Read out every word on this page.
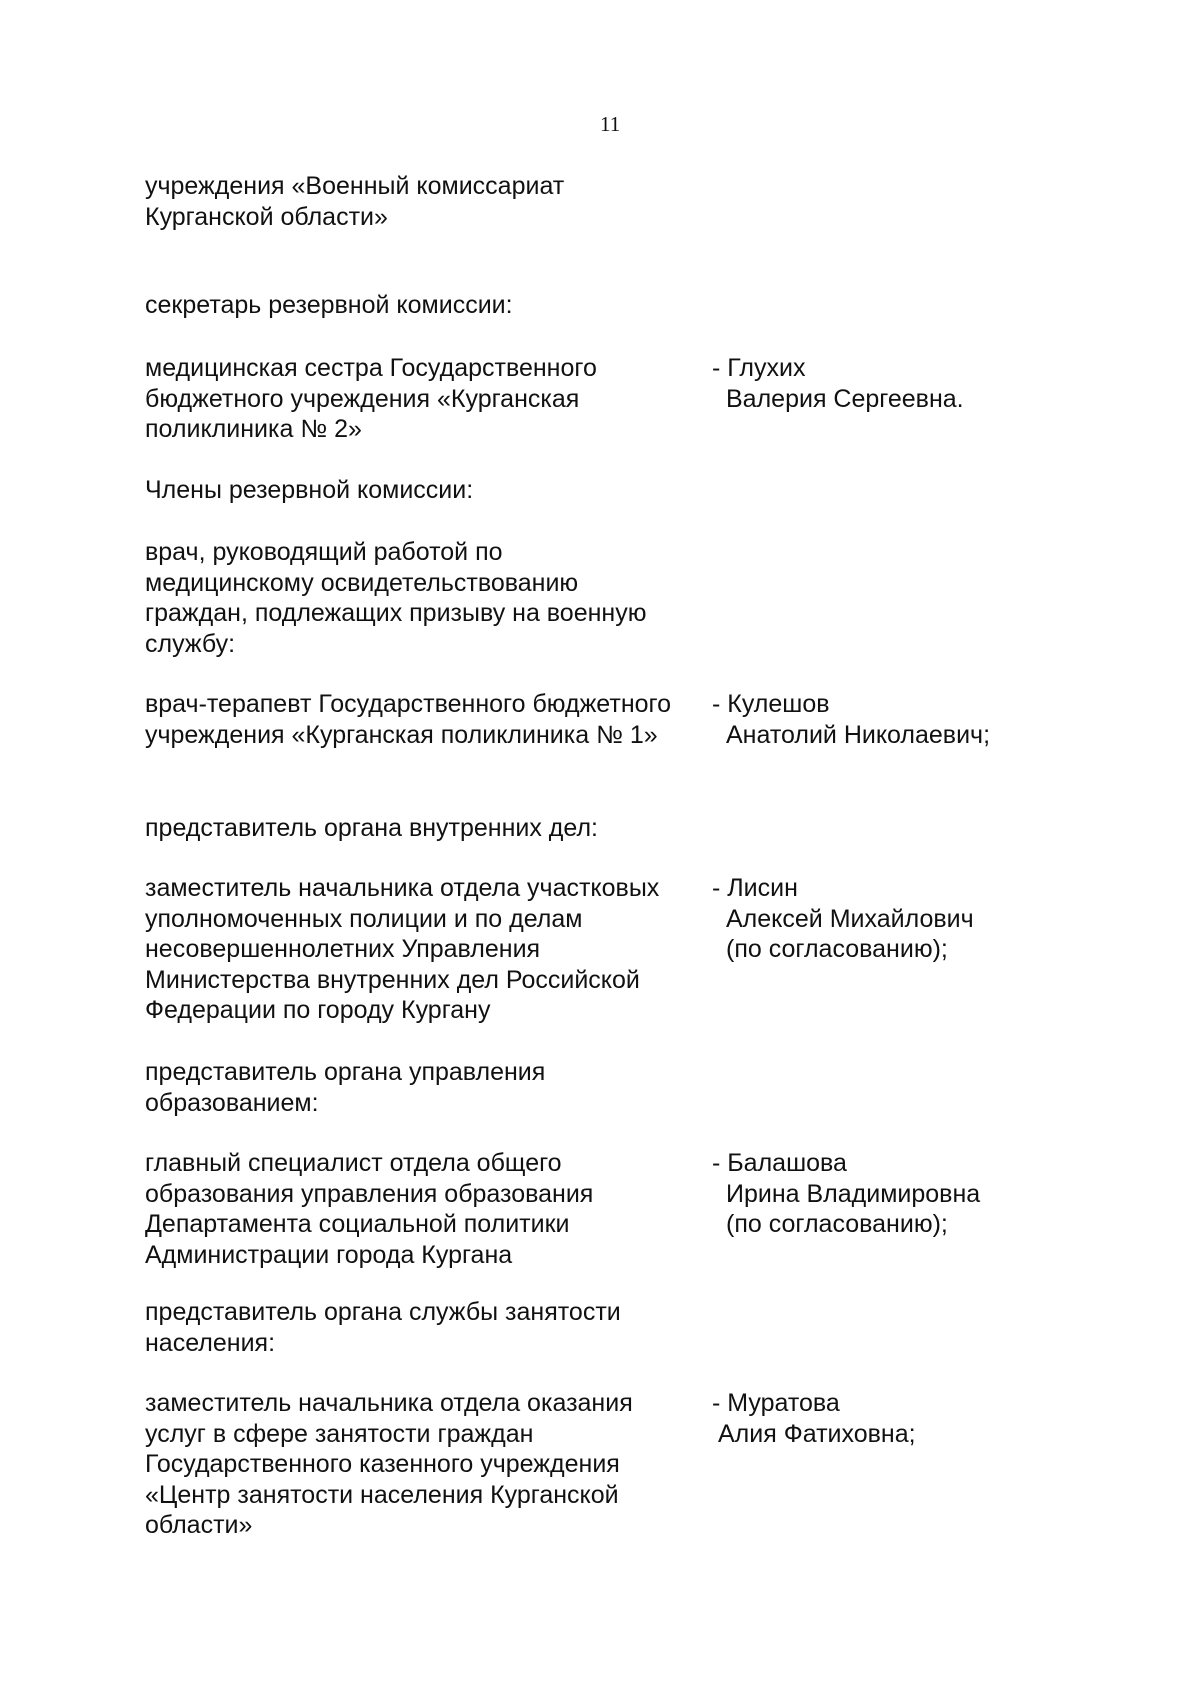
11
учреждения «Военный комиссариат
Курганской области»
секретарь резервной комиссии:
медицинская сестра Государственного
бюджетного учреждения «Курганская
поликлиника № 2»
- Глухих
Валерия Сергеевна.
Члены резервной комиссии:
врач, руководящий работой по
медицинскому освидетельствованию
граждан, подлежащих призыву на военную
службу:
врач-терапевт Государственного бюджетного
учреждения «Курганская поликлиника № 1»
- Кулешов
Анатолий Николаевич;
представитель органа внутренних дел:
заместитель начальника отдела участковых
уполномоченных полиции и по делам
несовершеннолетних Управления
Министерства внутренних дел Российской
Федерации по городу Кургану
- Лисин
Алексей Михайлович
(по согласованию);
представитель органа управления
образованием:
главный специалист отдела общего
образования управления образования
Департамента социальной политики
Администрации города Кургана
- Балашова
Ирина Владимировна
(по согласованию);
представитель органа службы занятости
населения:
заместитель начальника отдела оказания
услуг в сфере занятости граждан
Государственного казенного учреждения
«Центр занятости населения Курганской
области»
- Муратова
Алия Фатиховна;
